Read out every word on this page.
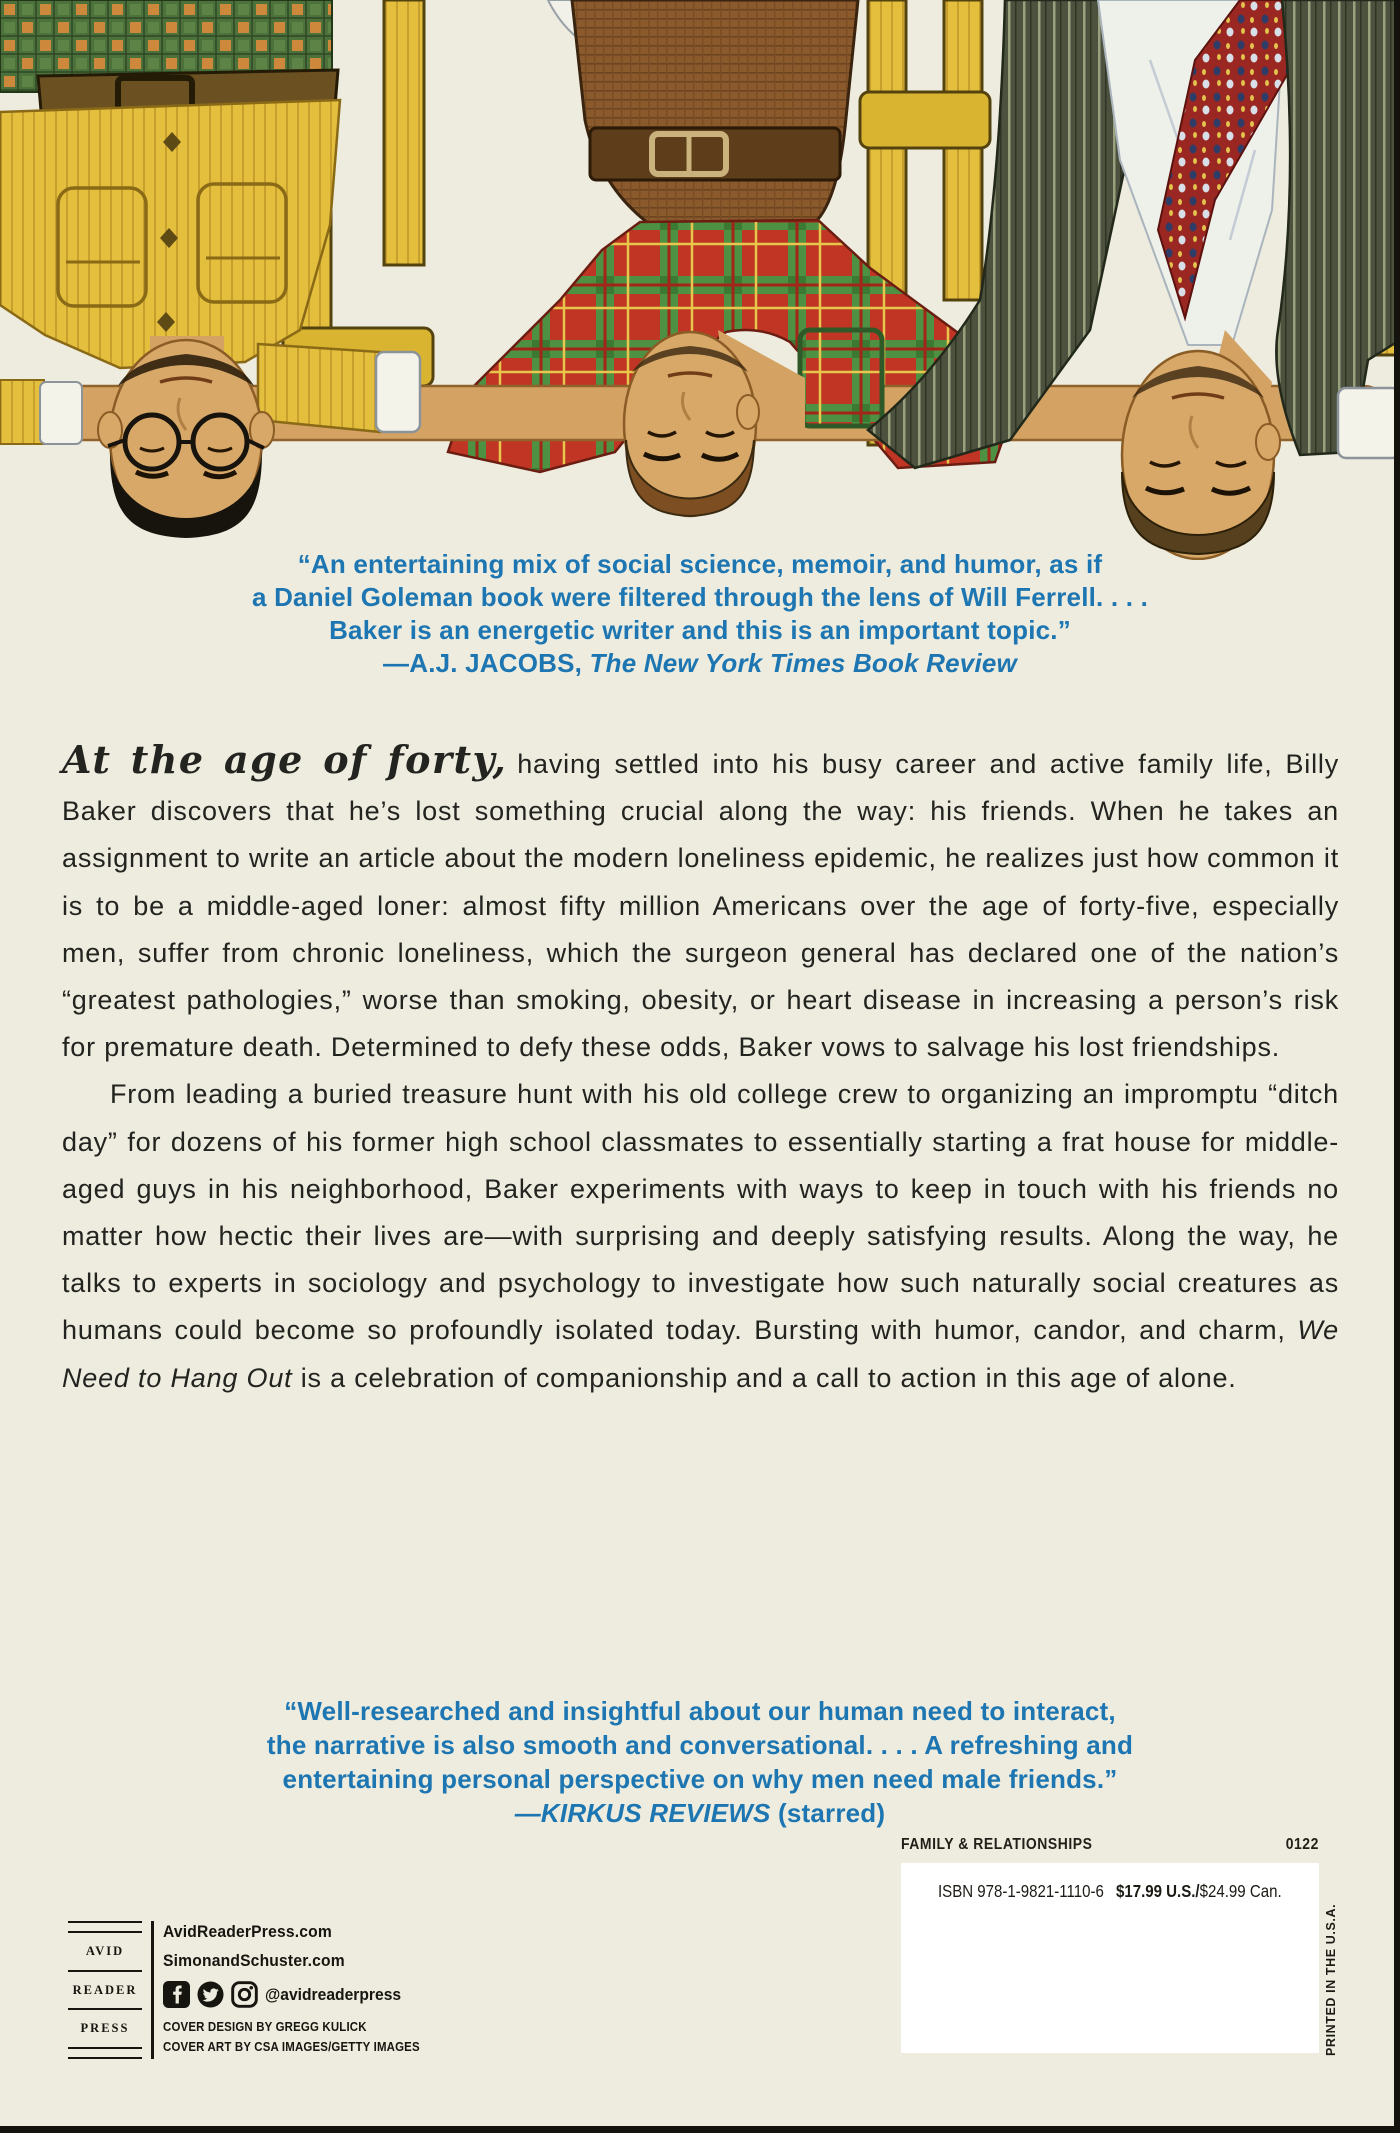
“An entertaining mix of social science, memoir, and humor, as if
a Daniel Goleman book were filtered through the lens of Will Ferrell. . . .
Baker is an energetic writer and this is an important topic.”
—A.J. JACOBS, The New York Times Book Review

At the age of forty, having settled into his busy career and active family life, Billy Baker discovers that he’s lost something crucial along the way: his friends. When he takes an assignment to write an article about the modern loneliness epidemic, he realizes just how common it is to be a middle-aged loner: almost fifty million Americans over the age of forty-five, especially men, suffer from chronic loneliness, which the surgeon general has declared one of the nation’s “greatest pathologies,” worse than smoking, obesity, or heart disease in increasing a person’s risk for premature death. Determined to defy these odds, Baker vows to salvage his lost friendships.

From leading a buried treasure hunt with his old college crew to organizing an impromptu “ditch day” for dozens of his former high school classmates to essentially starting a frat house for middle-aged guys in his neighborhood, Baker experiments with ways to keep in touch with his friends no matter how hectic their lives are—with surprising and deeply satisfying results. Along the way, he talks to experts in sociology and psychology to investigate how such naturally social creatures as humans could become so profoundly isolated today. Bursting with humor, candor, and charm, We Need to Hang Out is a celebration of companionship and a call to action in this age of alone.

“Well-researched and insightful about our human need to interact,
the narrative is also smooth and conversational. . . . A refreshing and
entertaining personal perspective on why men need male friends.”
—KIRKUS REVIEWS (starred)
FAMILY & RELATIONSHIPS	0122
ISBN 978-1-9821-1110-6 $17.99 U.S./$24.99 Can.
PRINTED IN THE U.S.A.
AVID
READER
PRESS
AvidReaderPress.com
SimonandSchuster.com
@avidreaderpress
COVER DESIGN BY GREGG KULICK
COVER ART BY CSA IMAGES/GETTY IMAGES
